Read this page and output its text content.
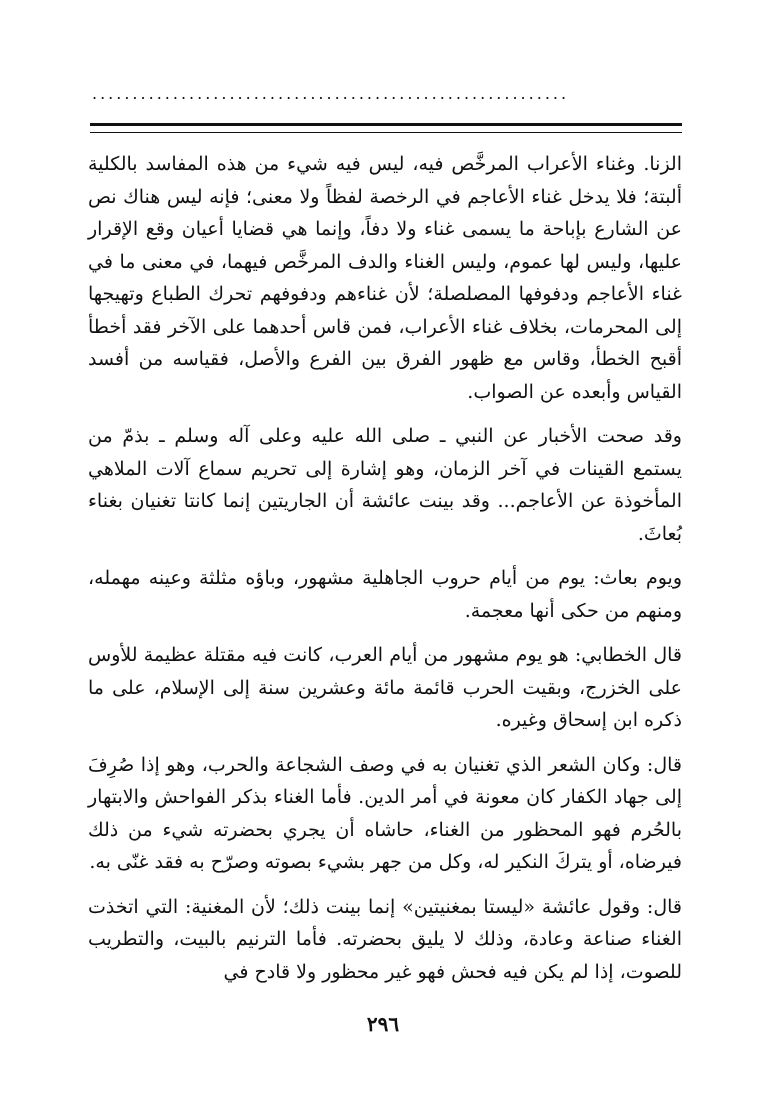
...........................................................

الزنا. وغناء الأعراب المرخَّص فيه، ليس فيه شيء من هذه المفاسد بالكلية ألبتة؛ فلا يدخل غناء الأعاجم في الرخصة لفظاً ولا معنى؛ فإنه ليس هناك نص عن الشارع بإباحة ما يسمى غناء ولا دفاً، وإنما هي قضايا أعيان وقع الإقرار عليها، وليس لها عموم، وليس الغناء والدف المرخَّص فيهما، في معنى ما في غناء الأعاجم ودفوفها المصلصلة؛ لأن غناءهم ودفوفهم تحرك الطباع وتهيجها إلى المحرمات، بخلاف غناء الأعراب، فمن قاس أحدهما على الآخر فقد أخطأ أقبح الخطأ، وقاس مع ظهور الفرق بين الفرع والأصل، فقياسه من أفسد القياس وأبعده عن الصواب.

وقد صحت الأخبار عن النبي ـ صلى الله عليه وعلى آله وسلم ـ بذمّ من يستمع القينات في آخر الزمان، وهو إشارة إلى تحريم سماع آلات الملاهي المأخوذة عن الأعاجم... وقد بينت عائشة أن الجاريتين إنما كانتا تغنيان بغناء بُعاثَ.

ويوم بعاث: يوم من أيام حروب الجاهلية مشهور، وباؤه مثلثة وعينه مهمله، ومنهم من حكى أنها معجمة.

قال الخطابي: هو يوم مشهور من أيام العرب، كانت فيه مقتلة عظيمة للأوس على الخزرج، وبقيت الحرب قائمة مائة وعشرين سنة إلى الإسلام، على ما ذكره ابن إسحاق وغيره.

قال: وكان الشعر الذي تغنيان به في وصف الشجاعة والحرب، وهو إذا صُرِفَ إلى جهاد الكفار كان معونة في أمر الدين. فأما الغناء بذكر الفواحش والابتهار بالحُرم فهو المحظور من الغناء، حاشاه أن يجري بحضرته شيء من ذلك فيرضاه، أو يتركَ النكير له، وكل من جهر بشيء بصوته وصرّح به فقد غنّى به.

قال: وقول عائشة «ليستا بمغنيتين» إنما بينت ذلك؛ لأن المغنية: التي اتخذت الغناء صناعة وعادة، وذلك لا يليق بحضرته. فأما الترنيم بالبيت، والتطريب للصوت، إذا لم يكن فيه فحش فهو غير محظور ولا قادح في

٢٩٦
